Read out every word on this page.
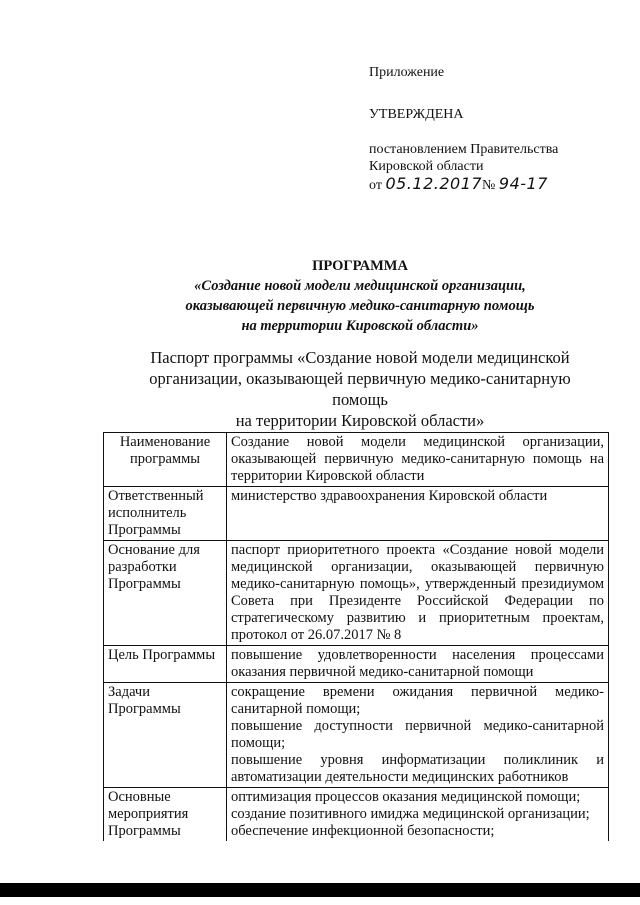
Приложение
УТВЕРЖДЕНА
постановлением Правительства
Кировской области
от 05.12.2017№ 94-17
ПРОГРАММА
«Создание новой модели медицинской организации,
оказывающей первичную медико-санитарную помощь
на территории Кировской области»
Паспорт программы «Создание новой модели медицинской
организации, оказывающей первичную медико-санитарную помощь
на территории Кировской области»
Наименование программы	Создание новой модели медицинской организации, оказывающей первичную медико-санитарную помощь на территории Кировской области
Ответственный исполнитель Программы	министерство здравоохранения Кировской области
Основание для разработки Программы	паспорт приоритетного проекта «Создание новой модели медицинской организации, оказывающей первичную медико-санитарную помощь», утвержденный президиумом Совета при Президенте Российской Федерации по стратегическому развитию и приоритетным проектам, протокол от 26.07.2017 № 8
Цель Программы	повышение удовлетворенности населения процессами оказания первичной медико-санитарной помощи
Задачи Программы	сокращение времени ожидания первичной медико-санитарной помощи;
повышение доступности первичной медико-санитарной помощи;
повышение уровня информатизации поликлиник и автоматизации деятельности медицинских работников

Основные мероприятия Программы	оптимизация процессов оказания медицинской помощи;
создание позитивного имиджа медицинской организации;
обеспечение инфекционной безопасности;
